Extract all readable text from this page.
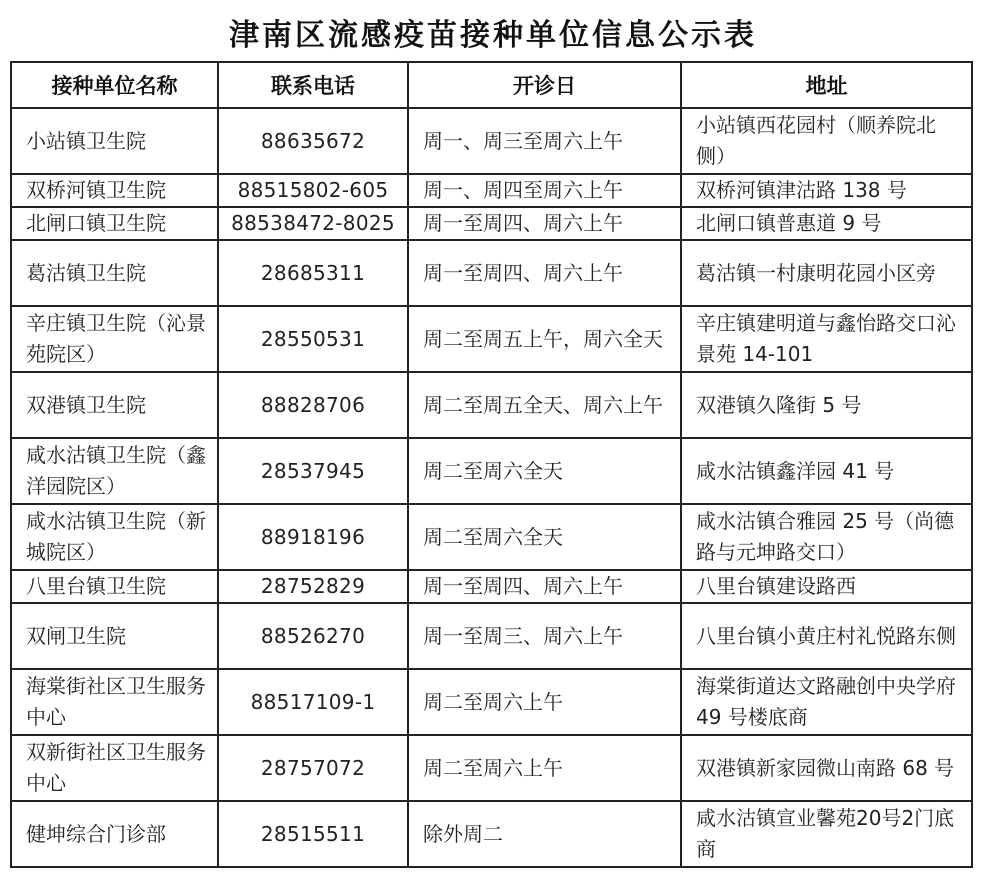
津南区流感疫苗接种单位信息公示表
接种单位名称	联系电话	开诊日	地址
小站镇卫生院	88635672	周一、周三至周六上午	小站镇西花园村（顺养院北侧）
双桥河镇卫生院	88515802-605	周一、周四至周六上午	双桥河镇津沽路 138 号
北闸口镇卫生院	88538472-8025	周一至周四、周六上午	北闸口镇普惠道 9 号
葛沽镇卫生院	28685311	周一至周四、周六上午	葛沽镇一村康明花园小区旁
辛庄镇卫生院（沁景苑院区）	28550531	周二至周五上午，周六全天	辛庄镇建明道与鑫怡路交口沁景苑 14-101
双港镇卫生院	88828706	周二至周五全天、周六上午	双港镇久隆街 5 号
咸水沽镇卫生院（鑫洋园院区）	28537945	周二至周六全天	咸水沽镇鑫洋园 41 号
咸水沽镇卫生院（新城院区）	88918196	周二至周六全天	咸水沽镇合雅园 25 号（尚德路与元坤路交口）
八里台镇卫生院	28752829	周一至周四、周六上午	八里台镇建设路西
双闸卫生院	88526270	周一至周三、周六上午	八里台镇小黄庄村礼悦路东侧
海棠街社区卫生服务中心	88517109-1	周二至周六上午	海棠街道达文路融创中央学府 49 号楼底商
双新街社区卫生服务中心	28757072	周二至周六上午	双港镇新家园微山南路 68 号
健坤综合门诊部	28515511	除外周二	咸水沽镇宣业馨苑20号2门底商
